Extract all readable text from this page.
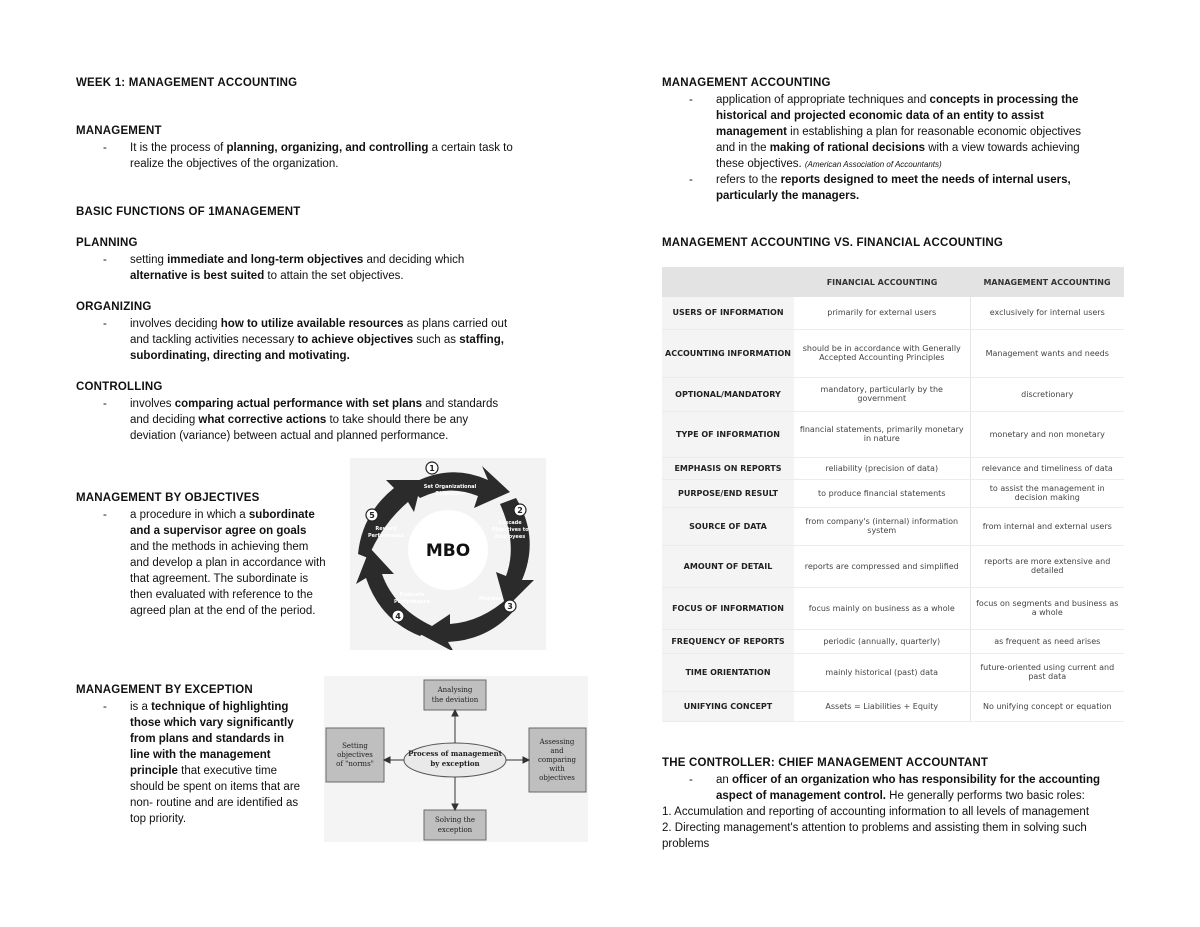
WEEK 1: MANAGEMENT ACCOUNTING
MANAGEMENT
- It is the process of planning, organizing, and controlling a certain task to
realize the objectives of the organization.
BASIC FUNCTIONS OF 1MANAGEMENT
PLANNING
- setting immediate and long-term objectives and deciding which
alternative is best suited to attain the set objectives.
ORGANIZING
- involves deciding how to utilize available resources as plans carried out
and tackling activities necessary to achieve objectives such as staffing,
subordinating, directing and motivating.
CONTROLLING
- involves comparing actual performance with set plans and standards
and deciding what corrective actions to take should there be any
deviation (variance) between actual and planned performance.
MANAGEMENT BY OBJECTIVES
- a procedure in which a subordinate
and a supervisor agree on goals
and the methods in achieving them
and develop a plan in accordance with
that agreement. The subordinate is
then evaluated with reference to the
agreed plan at the end of the period.
MBO
Set Organizational
Objectives
Cascade
Objectives to
Employees
Monitor
Evaluate
Performance
Reward
Performance
1
2
3
4
5
MANAGEMENT BY EXCEPTION
- is a technique of highlighting
those which vary significantly
from plans and standards in
line with the management
principle that executive time
should be spent on items that are
non- routine and are identified as
top priority.
Process of management
by exception
Analysing
the deviation
Setting
objectives
of "norms"
Assessing
and
comparing
with
objectives
Solving the
exception
MANAGEMENT ACCOUNTING
- application of appropriate techniques and concepts in processing the
historical and projected economic data of an entity to assist
management in establishing a plan for reasonable economic objectives
and in the making of rational decisions with a view towards achieving
these objectives. (American Association of Accountants)
- refers to the reports designed to meet the needs of internal users,
particularly the managers.
MANAGEMENT ACCOUNTING VS. FINANCIAL ACCOUNTING
	FINANCIAL ACCOUNTING	MANAGEMENT ACCOUNTING
USERS OF INFORMATION	primarily for external users	exclusively for internal users
ACCOUNTING INFORMATION	should be in accordance with Generally Accepted Accounting Principles	Management wants and needs
OPTIONAL/MANDATORY	mandatory, particularly by the government	discretionary
TYPE OF INFORMATION	financial statements, primarily monetary in nature	monetary and non monetary
EMPHASIS ON REPORTS	reliability (precision of data)	relevance and timeliness of data
PURPOSE/END RESULT	to produce financial statements	to assist the management in decision making
SOURCE OF DATA	from company's (internal) information system	from internal and external users
AMOUNT OF DETAIL	reports are compressed and simplified	reports are more extensive and detailed
FOCUS OF INFORMATION	focus mainly on business as a whole	focus on segments and business as a whole
FREQUENCY OF REPORTS	periodic (annually, quarterly)	as frequent as need arises
TIME ORIENTATION	mainly historical (past) data	future-oriented using current and past data
UNIFYING CONCEPT	Assets = Liabilities + Equity	No unifying concept or equation
THE CONTROLLER: CHIEF MANAGEMENT ACCOUNTANT
- an officer of an organization who has responsibility for the accounting
aspect of management control. He generally performs two basic roles:
1. Accumulation and reporting of accounting information to all levels of management
2. Directing management's attention to problems and assisting them in solving such
problems
